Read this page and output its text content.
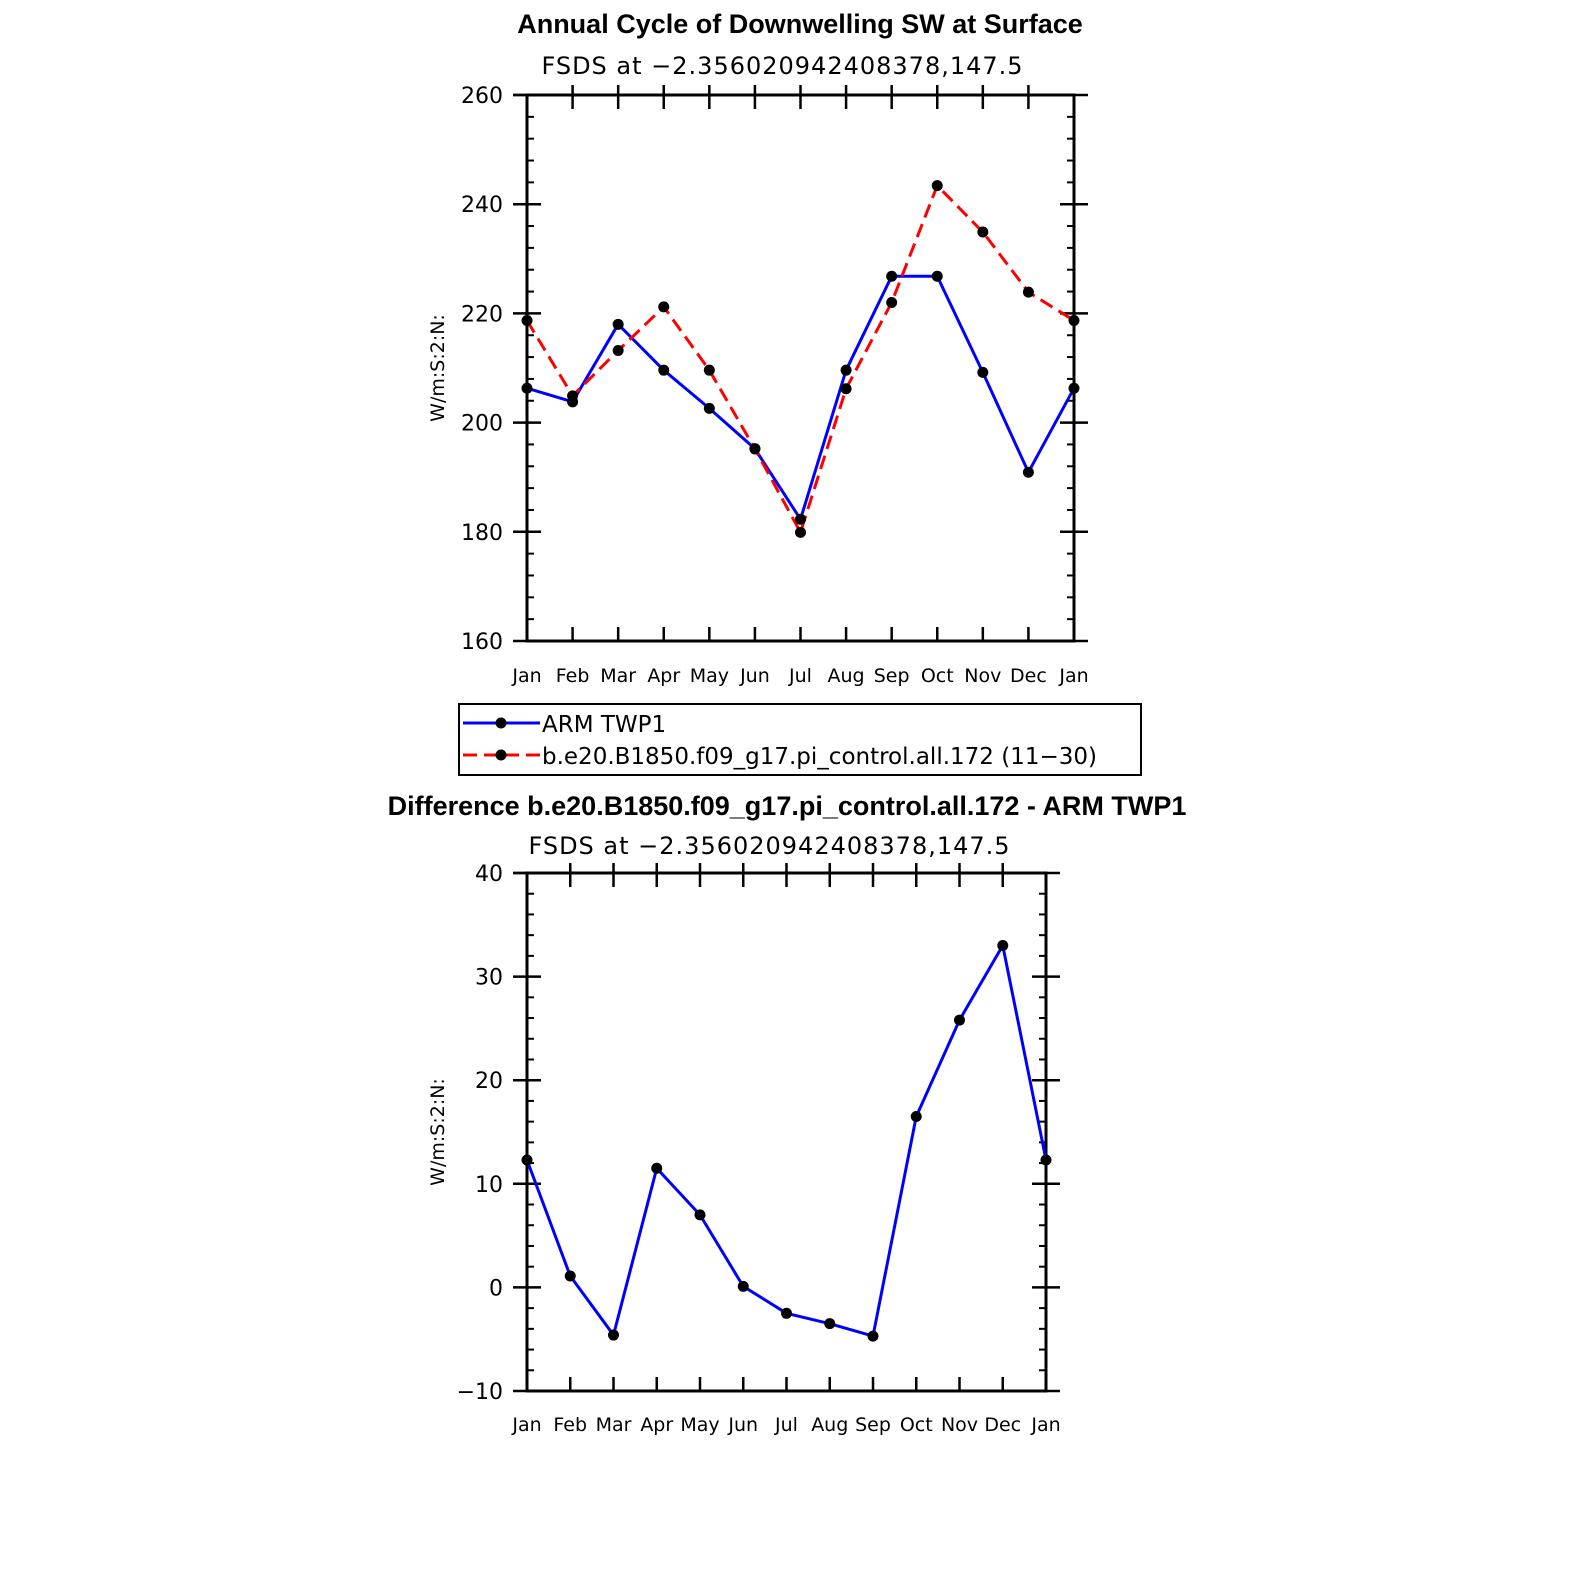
Annual Cycle of Downwelling SW at Surface
FSDS at −2.356020942408378,147.5
W/m:S:2:N:
160
180
200
220
240
260
Jan Feb Mar Apr May Jun Jul Aug Sep Oct Nov Dec Jan
ARM TWP1
b.e20.B1850.f09_g17.pi_control.all.172 (11−30)
Difference b.e20.B1850.f09_g17.pi_control.all.172 - ARM TWP1
FSDS at −2.356020942408378,147.5
W/m:S:2:N:
−10
0
10
20
30
40
Jan Feb Mar Apr May Jun Jul Aug Sep Oct Nov Dec Jan
